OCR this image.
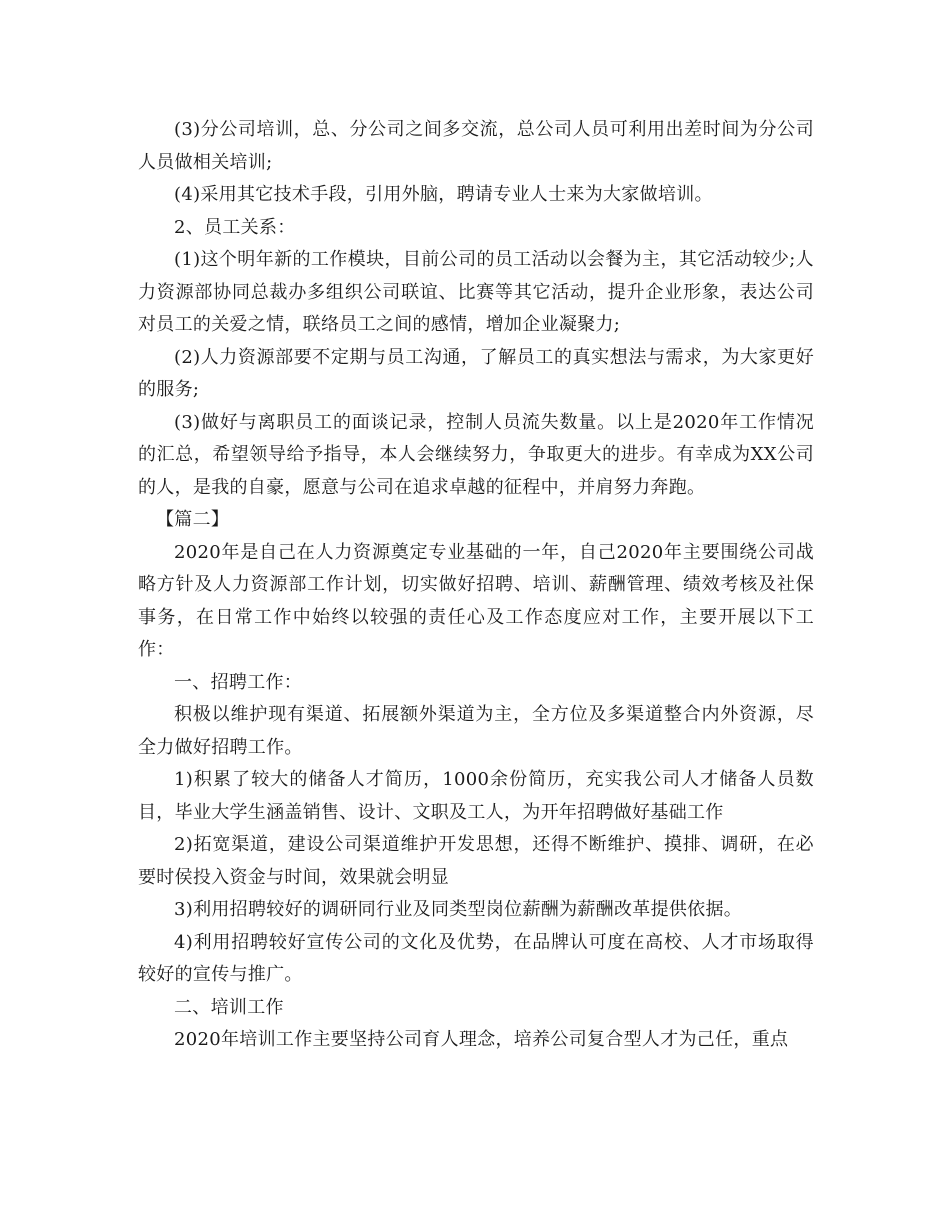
(3)分公司培训，总、分公司之间多交流，总公司人员可利用出差时间为分公司人员做相关培训;

(4)采用其它技术手段，引用外脑，聘请专业人士来为大家做培训。

2、员工关系：

(1)这个明年新的工作模块，目前公司的员工活动以会餐为主，其它活动较少;人力资源部协同总裁办多组织公司联谊、比赛等其它活动，提升企业形象，表达公司对员工的关爱之情，联络员工之间的感情，增加企业凝聚力;

(2)人力资源部要不定期与员工沟通，了解员工的真实想法与需求，为大家更好的服务;

(3)做好与离职员工的面谈记录，控制人员流失数量。以上是2020年工作情况的汇总，希望领导给予指导，本人会继续努力，争取更大的进步。有幸成为XX公司的人，是我的自豪，愿意与公司在追求卓越的征程中，并肩努力奔跑。

【篇二】

2020年是自己在人力资源奠定专业基础的一年，自己2020年主要围绕公司战略方针及人力资源部工作计划，切实做好招聘、培训、薪酬管理、绩效考核及社保事务，在日常工作中始终以较强的责任心及工作态度应对工作，主要开展以下工作：

一、招聘工作：

积极以维护现有渠道、拓展额外渠道为主，全方位及多渠道整合内外资源，尽全力做好招聘工作。

1)积累了较大的储备人才简历，1000余份简历，充实我公司人才储备人员数目，毕业大学生涵盖销售、设计、文职及工人，为开年招聘做好基础工作

2)拓宽渠道，建设公司渠道维护开发思想，还得不断维护、摸排、调研，在必要时侯投入资金与时间，效果就会明显

3)利用招聘较好的调研同行业及同类型岗位薪酬为薪酬改革提供依据。

4)利用招聘较好宣传公司的文化及优势，在品牌认可度在高校、人才市场取得较好的宣传与推广。

二、培训工作

2020年培训工作主要坚持公司育人理念，培养公司复合型人才为己任，重点
